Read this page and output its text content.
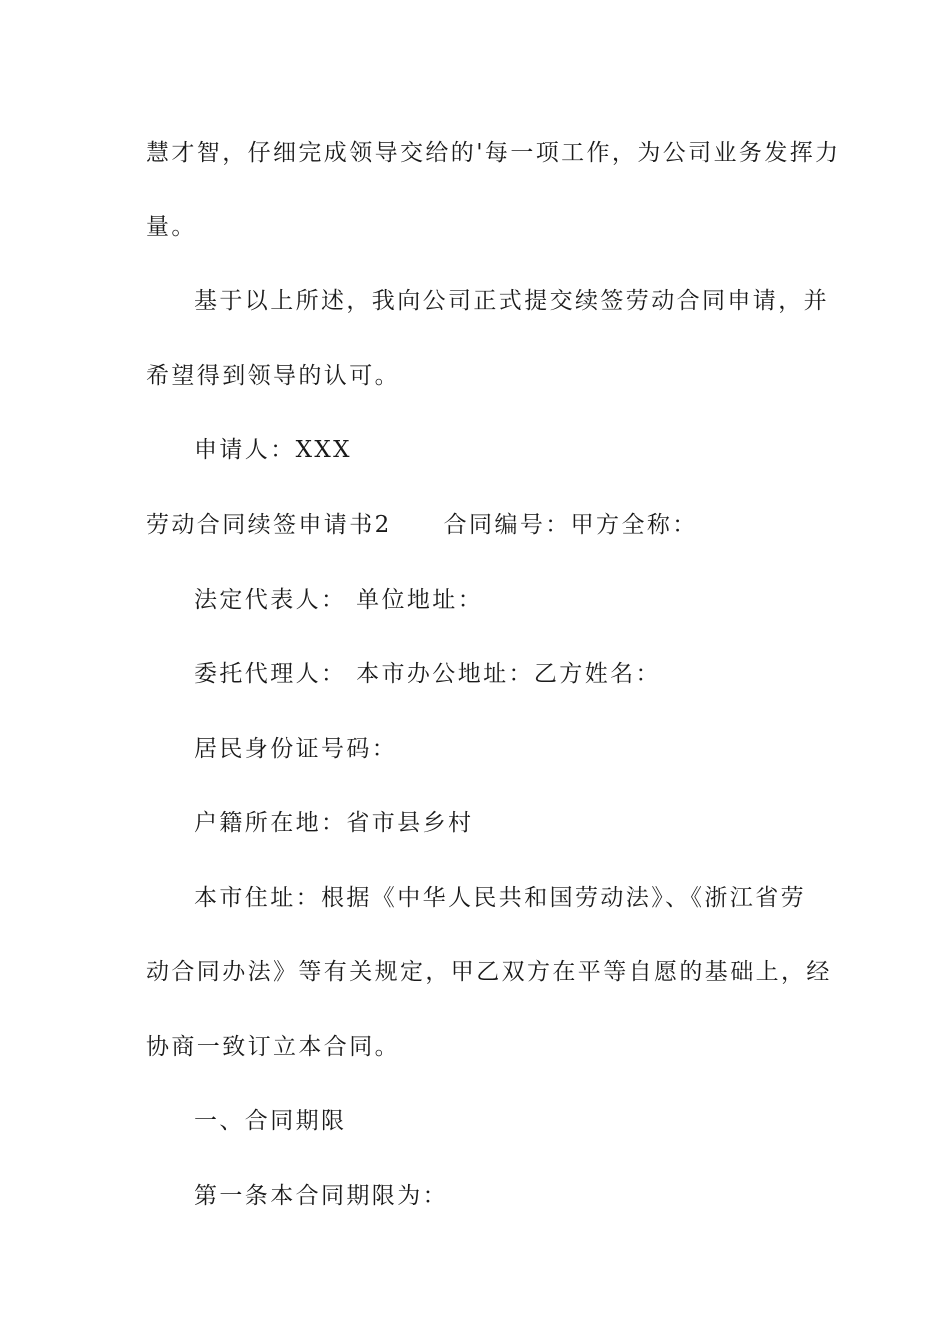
慧才智，仔细完成领导交给的'每一项工作，为公司业务发挥力
量。
基于以上所述，我向公司正式提交续签劳动合同申请，并
希望得到领导的认可。
申请人：XXX
劳动合同续签申请书2 合同编号：甲方全称：
法定代表人： 单位地址：
委托代理人： 本市办公地址：乙方姓名：
居民身份证号码：
户籍所在地：省市县乡村
本市住址：根据《中华人民共和国劳动法》、《浙江省劳
动合同办法》等有关规定，甲乙双方在平等自愿的基础上，经
协商一致订立本合同。
一、合同期限
第一条本合同期限为：
